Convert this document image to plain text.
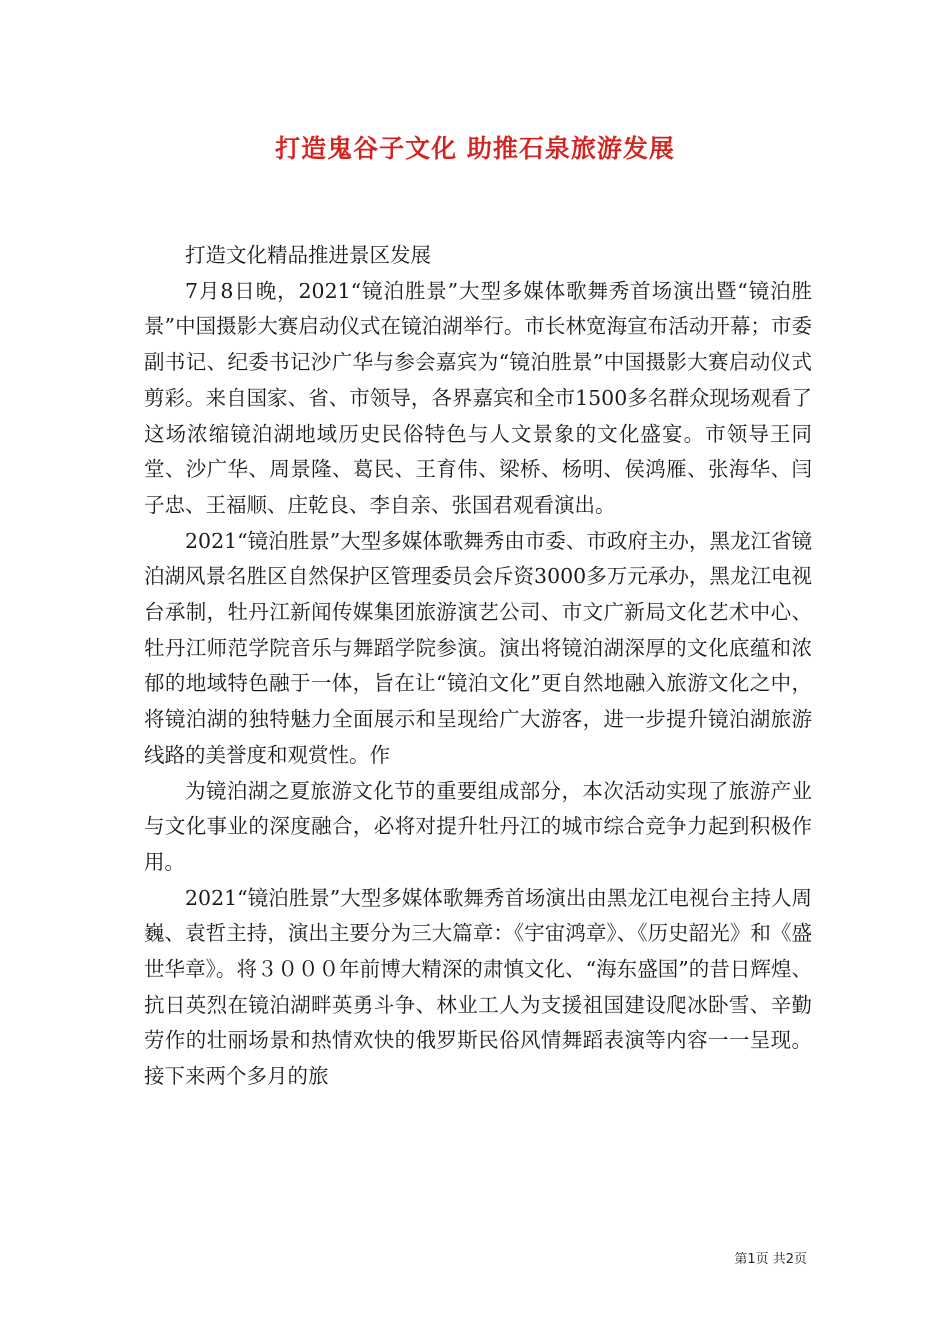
打造鬼谷子文化 助推石泉旅游发展

打造文化精品推进景区发展

7月8日晚，2021“镜泊胜景”大型多媒体歌舞秀首场演出暨“镜泊胜景”中国摄影大赛启动仪式在镜泊湖举行。市长林宽海宣布活动开幕；市委副书记、纪委书记沙广华与参会嘉宾为“镜泊胜景”中国摄影大赛启动仪式剪彩。来自国家、省、市领导，各界嘉宾和全市1500多名群众现场观看了这场浓缩镜泊湖地域历史民俗特色与人文景象的文化盛宴。市领导王同堂、沙广华、周景隆、葛民、王育伟、梁桥、杨明、侯鸿雁、张海华、闫子忠、王福顺、庄乾良、李自亲、张国君观看演出。

2021“镜泊胜景”大型多媒体歌舞秀由市委、市政府主办，黑龙江省镜泊湖风景名胜区自然保护区管理委员会斥资3000多万元承办，黑龙江电视台承制，牡丹江新闻传媒集团旅游演艺公司、市文广新局文化艺术中心、牡丹江师范学院音乐与舞蹈学院参演。演出将镜泊湖深厚的文化底蕴和浓郁的地域特色融于一体，旨在让“镜泊文化”更自然地融入旅游文化之中，将镜泊湖的独特魅力全面展示和呈现给广大游客，进一步提升镜泊湖旅游线路的美誉度和观赏性。作

为镜泊湖之夏旅游文化节的重要组成部分，本次活动实现了旅游产业与文化事业的深度融合，必将对提升牡丹江的城市综合竞争力起到积极作用。

2021“镜泊胜景”大型多媒体歌舞秀首场演出由黑龙江电视台主持人周巍、袁哲主持，演出主要分为三大篇章：《宇宙鸿章》、《历史韶光》和《盛世华章》。将３０００年前博大精深的肃慎文化、“海东盛国”的昔日辉煌、抗日英烈在镜泊湖畔英勇斗争、林业工人为支援祖国建设爬冰卧雪、辛勤劳作的壮丽场景和热情欢快的俄罗斯民俗风情舞蹈表演等内容一一呈现。接下来两个多月的旅

第1页 共2页
